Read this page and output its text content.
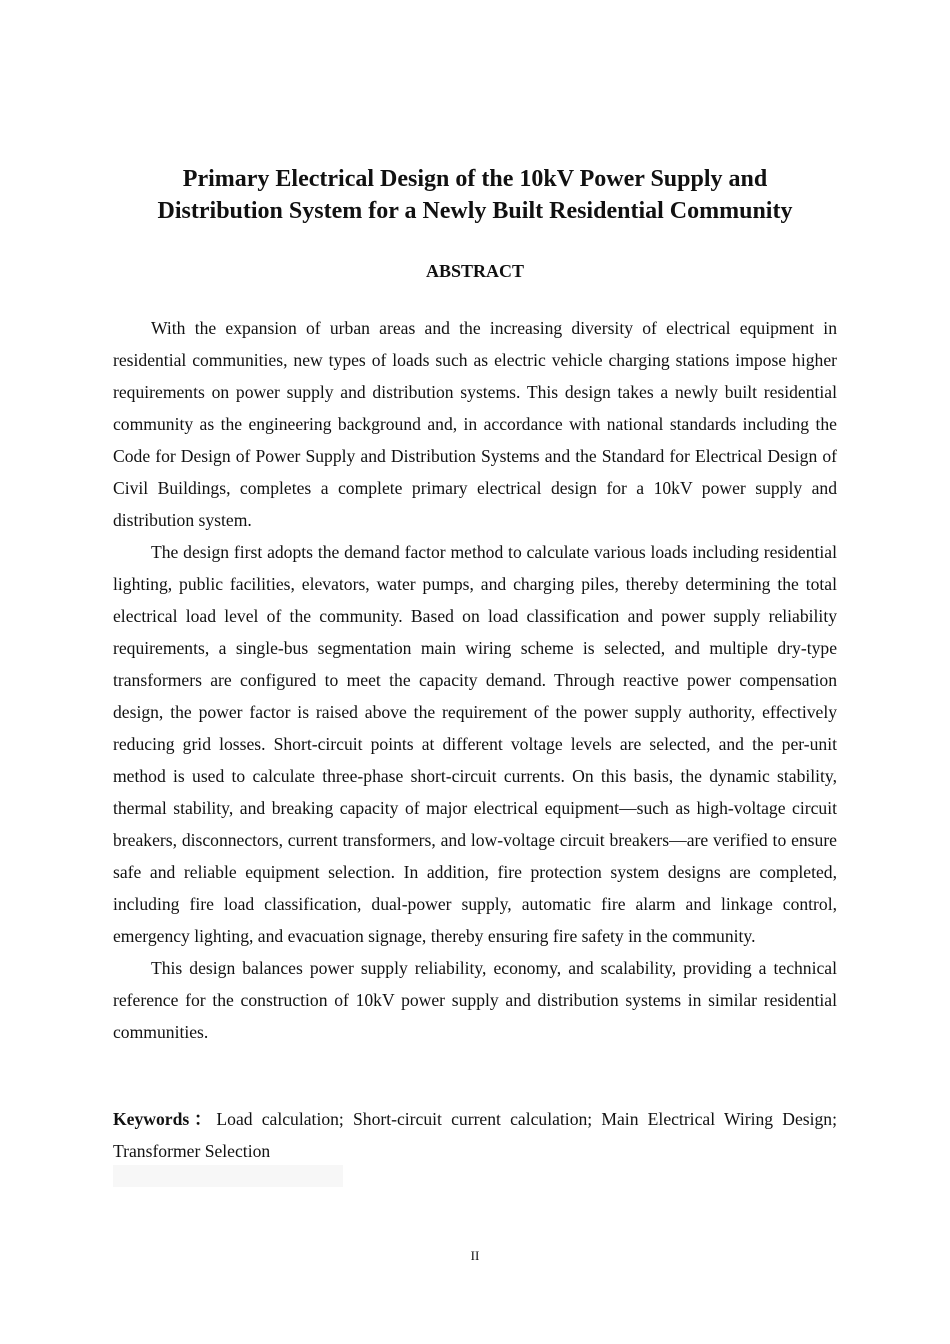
Primary Electrical Design of the 10kV Power Supply and
Distribution System for a Newly Built Residential Community
ABSTRACT

With the expansion of urban areas and the increasing diversity of electrical equipment in residential communities, new types of loads such as electric vehicle charging stations impose higher requirements on power supply and distribution systems. This design takes a newly built residential community as the engineering background and, in accordance with national standards including the Code for Design of Power Supply and Distribution Systems and the Standard for Electrical Design of Civil Buildings, completes a complete primary electrical design for a 10kV power supply and distribution system.

The design first adopts the demand factor method to calculate various loads including residential lighting, public facilities, elevators, water pumps, and charging piles, thereby determining the total electrical load level of the community. Based on load classification and power supply reliability requirements, a single-bus segmentation main wiring scheme is selected, and multiple dry-type transformers are configured to meet the capacity demand. Through reactive power compensation design, the power factor is raised above the requirement of the power supply authority, effectively reducing grid losses. Short-circuit points at different voltage levels are selected, and the per-unit method is used to calculate three-phase short-circuit currents. On this basis, the dynamic stability, thermal stability, and breaking capacity of major electrical equipment—such as high-voltage circuit breakers, disconnectors, current transformers, and low-voltage circuit breakers—are verified to ensure safe and reliable equipment selection. In addition, fire protection system designs are completed, including fire load classification, dual-power supply, automatic fire alarm and linkage control, emergency lighting, and evacuation signage, thereby ensuring fire safety in the community.

This design balances power supply reliability, economy, and scalability, providing a technical reference for the construction of 10kV power supply and distribution systems in similar residential communities.

Keywords：Load calculation; Short-circuit current calculation; Main Electrical Wiring Design; Transformer Selection

II
